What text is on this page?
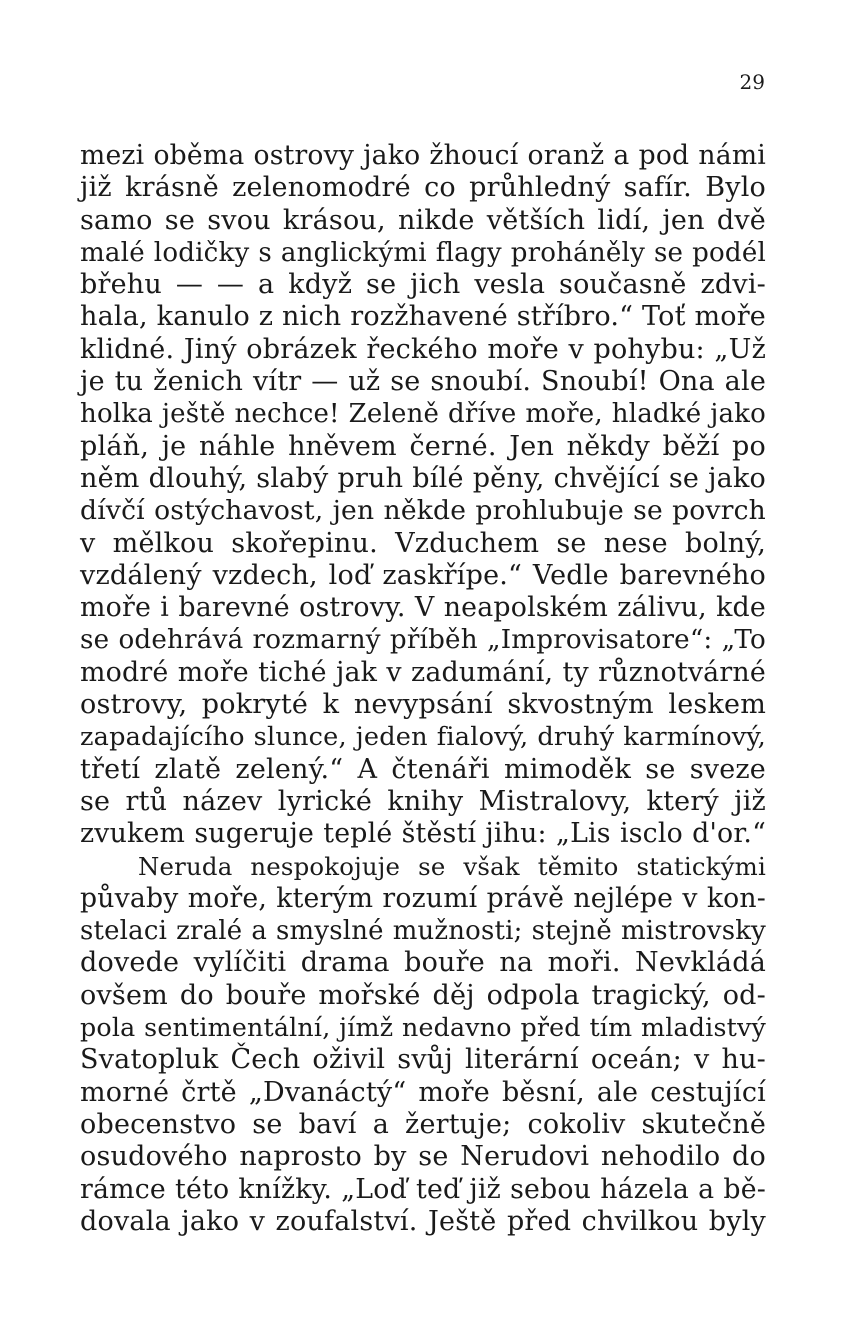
29

mezi oběma ostrovy jako žhoucí oranž a pod námi
již krásně zelenomodré co průhledný safír. Bylo
samo se svou krásou, nikde větších lidí, jen dvě
malé lodičky s anglickými flagy proháněly se podél
břehu — — a když se jich vesla současně zdvi-
hala, kanulo z nich rozžhavené stříbro.“ Toť moře
klidné. Jiný obrázek řeckého moře v pohybu: „Už
je tu ženich vítr — už se snoubí. Snoubí! Ona ale
holka ještě nechce! Zeleně dříve moře, hladké jako
pláň, je náhle hněvem černé. Jen někdy běží po
něm dlouhý, slabý pruh bílé pěny, chvějící se jako
dívčí ostýchavost, jen někde prohlubuje se povrch
v mělkou skořepinu. Vzduchem se nese bolný,
vzdálený vzdech, loď zaskřípe.“ Vedle barevného
moře i barevné ostrovy. V neapolském zálivu, kde
se odehrává rozmarný příběh „Improvisatore“: „To
modré moře tiché jak v zadumání, ty různotvárné
ostrovy, pokryté k nevypsání skvostným leskem
zapadajícího slunce, jeden fialový, druhý karmínový,
třetí zlatě zelený.“ A čtenáři mimoděk se sveze
se rtů název lyrické knihy Mistralovy, který již
zvukem sugeruje teplé štěstí jihu: „Lis isclo d'or.“

Neruda nespokojuje se však těmito statickými
půvaby moře, kterým rozumí právě nejlépe v kon-
stelaci zralé a smyslné mužnosti; stejně mistrovsky
dovede vylíčiti drama bouře na moři. Nevkládá
ovšem do bouře mořské děj odpola tragický, od-
pola sentimentální, jímž nedavno před tím mladistvý
Svatopluk Čech oživil svůj literární oceán; v hu-
morné črtě „Dvanáctý“ moře běsní, ale cestující
obecenstvo se baví a žertuje; cokoliv skutečně
osudového naprosto by se Nerudovi nehodilo do
rámce této knížky. „Loď teď již sebou házela a bě-
dovala jako v zoufalství. Ještě před chvilkou byly
